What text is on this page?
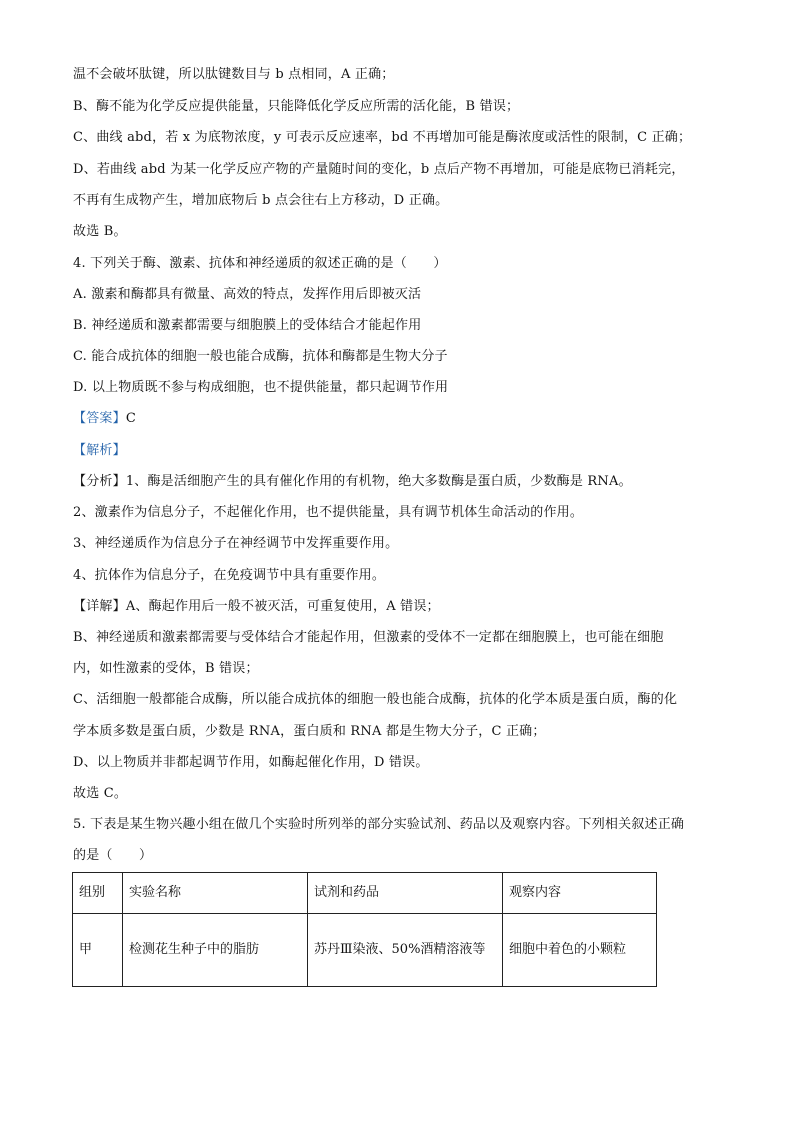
温不会破坏肽键，所以肽键数目与 b 点相同，A 正确；
B、酶不能为化学反应提供能量，只能降低化学反应所需的活化能，B 错误；
C、曲线 abd，若 x 为底物浓度，y 可表示反应速率，bd 不再增加可能是酶浓度或活性的限制，C 正确；
D、若曲线 abd 为某一化学反应产物的产量随时间的变化，b 点后产物不再增加，可能是底物已消耗完，
不再有生成物产生，增加底物后 b 点会往右上方移动，D 正确。
故选 B。
4. 下列关于酶、激素、抗体和神经递质的叙述正确的是（　　）
A. 激素和酶都具有微量、高效的特点，发挥作用后即被灭活
B. 神经递质和激素都需要与细胞膜上的受体结合才能起作用
C. 能合成抗体的细胞一般也能合成酶，抗体和酶都是生物大分子
D. 以上物质既不参与构成细胞，也不提供能量，都只起调节作用
【答案】C
【解析】
【分析】1、酶是活细胞产生的具有催化作用的有机物，绝大多数酶是蛋白质，少数酶是 RNA。
2、激素作为信息分子，不起催化作用，也不提供能量，具有调节机体生命活动的作用。
3、神经递质作为信息分子在神经调节中发挥重要作用。
4、抗体作为信息分子，在免疫调节中具有重要作用。
【详解】A、酶起作用后一般不被灭活，可重复使用，A 错误；
B、神经递质和激素都需要与受体结合才能起作用，但激素的受体不一定都在细胞膜上，也可能在细胞
内，如性激素的受体，B 错误；
C、活细胞一般都能合成酶，所以能合成抗体的细胞一般也能合成酶，抗体的化学本质是蛋白质，酶的化
学本质多数是蛋白质，少数是 RNA，蛋白质和 RNA 都是生物大分子，C 正确；
D、以上物质并非都起调节作用，如酶起催化作用，D 错误。
故选 C。
5. 下表是某生物兴趣小组在做几个实验时所列举的部分实验试剂、药品以及观察内容。下列相关叙述正确
的是（　　）
组别	实验名称	试剂和药品	观察内容
甲	检测花生种子中的脂肪	苏丹Ⅲ染液、50%酒精溶液等	细胞中着色的小颗粒
